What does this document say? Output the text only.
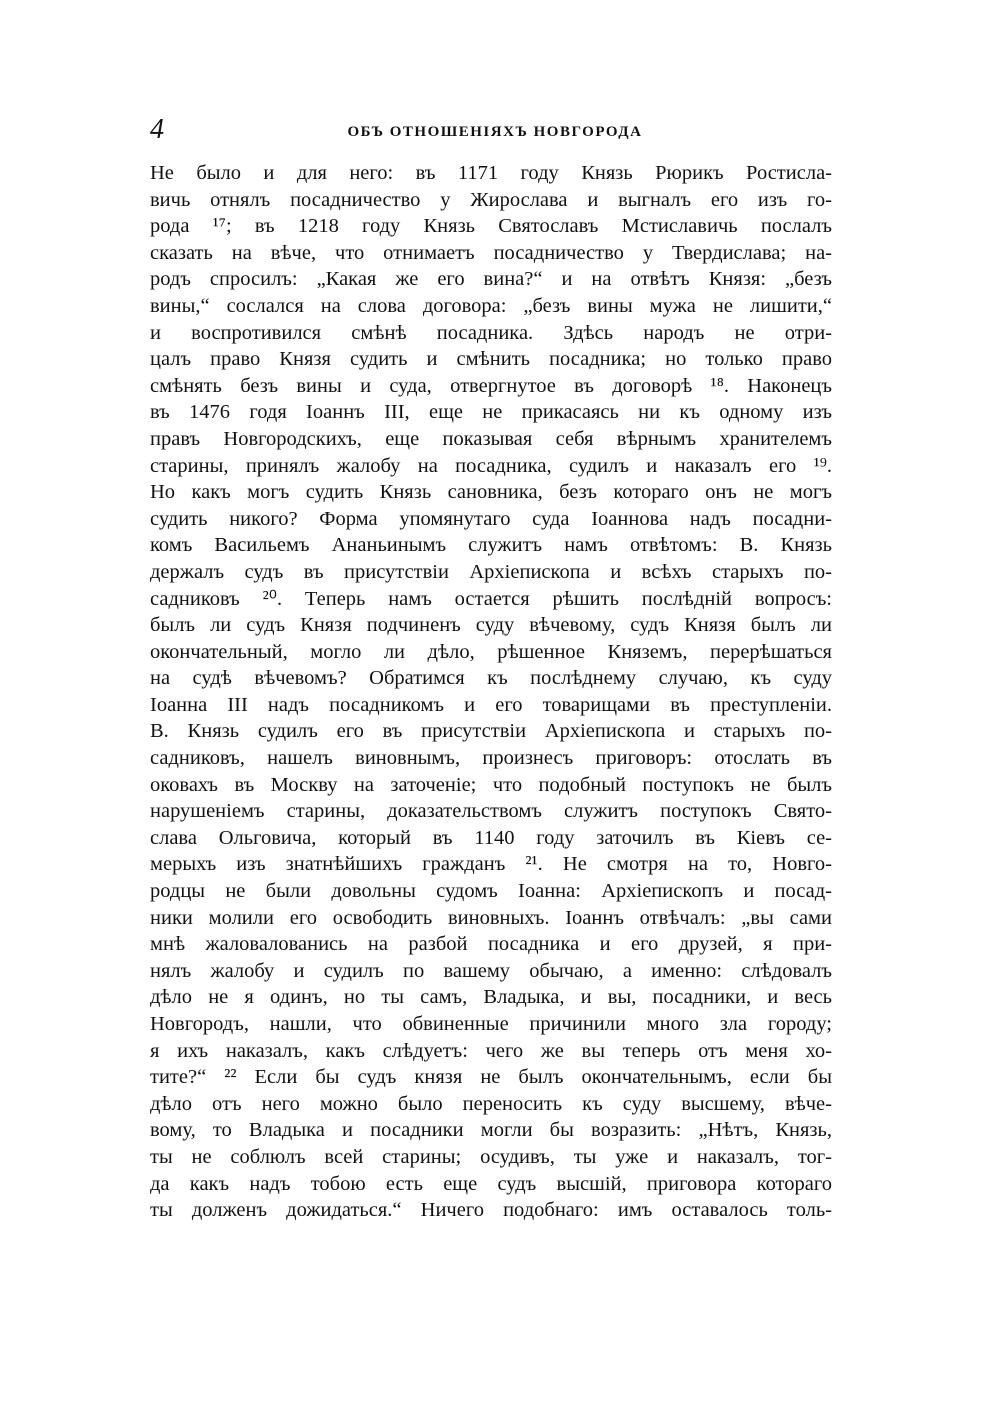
4	ОБЪ ОТНОШЕНІЯХЪ НОВГОРОДА
Не было и для него: въ 1171 году Князь Рюрикъ Ростисла-
вичь отнялъ посадничество у Жирослава и выгналъ его изъ го-
рода ¹⁷; въ 1218 году Князь Святославъ Мстиславичь послалъ
сказать на вѣче, что отнимаетъ посадничество у Твердислава; на-
родъ спросилъ: „Какая же его вина?“ и на отвѣтъ Князя: „безъ
вины,“ сослался на слова договора: „безъ вины мужа не лишити,“
и воспротивился смѣнѣ посадника. Здѣсь народъ не отри-
цалъ право Князя судить и смѣнить посадника; но только право
смѣнять безъ вины и суда, отвергнутое въ договорѣ ¹⁸. Наконецъ
въ 1476 годя Іоаннъ III, еще не прикасаясь ни къ одному изъ
правъ Новгородскихъ, еще показывая себя вѣрнымъ хранителемъ
старины, принялъ жалобу на посадника, судилъ и наказалъ его ¹⁹.
Но какъ могъ судить Князь сановника, безъ котораго онъ не могъ
судить никого? Форма упомянутаго суда Іоаннова надъ посадни-
комъ Васильемъ Ананьинымъ служитъ намъ отвѣтомъ: В. Князь
держалъ судъ въ присутствіи Архіепископа и всѣхъ старыхъ по-
садниковъ ²⁰. Теперь намъ остается рѣшить послѣдній вопросъ:
былъ ли судъ Князя подчиненъ суду вѣчевому, судъ Князя былъ ли
окончательный, могло ли дѣло, рѣшенное Княземъ, перерѣшаться
на судѣ вѣчевомъ? Обратимся къ послѣднему случаю, къ суду
Іоанна III надъ посадникомъ и его товарищами въ преступленіи.
В. Князь судилъ его въ присутствіи Архіепископа и старыхъ по-
садниковъ, нашелъ виновнымъ, произнесъ приговоръ: отослать въ
оковахъ въ Москву на заточеніе; что подобный поступокъ не былъ
нарушеніемъ старины, доказательствомъ служитъ поступокъ Свято-
слава Ольговича, который въ 1140 году заточилъ въ Кіевъ се-
мерыхъ изъ знатнѣйшихъ гражданъ ²¹. Не смотря на то, Новго-
родцы не были довольны судомъ Іоанна: Архіепископъ и посад-
ники молили его освободить виновныхъ. Іоаннъ отвѣчалъ: „вы сами
мнѣ жаловалованись на разбой посадника и его друзей, я при-
нялъ жалобу и судилъ по вашему обычаю, а именно: слѣдовалъ
дѣло не я одинъ, но ты самъ, Владыка, и вы, посадники, и весь
Новгородъ, нашли, что обвиненные причинили много зла городу;
я ихъ наказалъ, какъ слѣдуетъ: чего же вы теперь отъ меня хо-
тите?“ ²² Если бы судъ князя не былъ окончательнымъ, если бы
дѣло отъ него можно было переносить къ суду высшему, вѣче-
вому, то Владыка и посадники могли бы возразить: „Нѣтъ, Князь,
ты не соблюлъ всей старины; осудивъ, ты уже и наказалъ, тог-
да какъ надъ тобою есть еще судъ высшій, приговора котораго
ты долженъ дожидаться.“ Ничего подобнаго: имъ оставалось толь-
